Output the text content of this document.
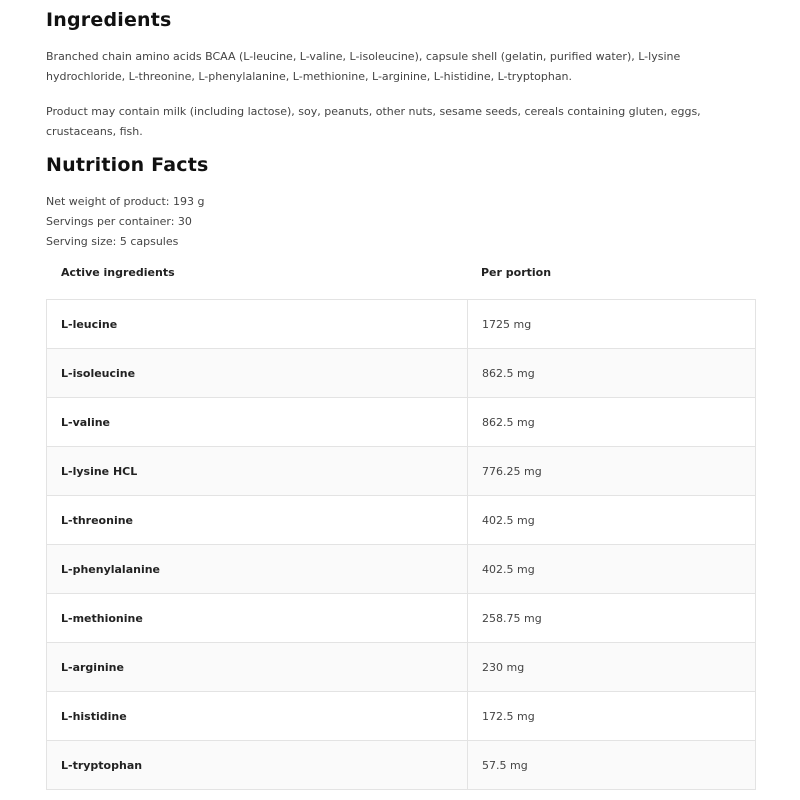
Ingredients

Branched chain amino acids BCAA (L-leucine, L-valine, L-isoleucine), capsule shell (gelatin, purified water), L-lysine hydrochloride, L-threonine, L-phenylalanine, L-methionine, L-arginine, L-histidine, L-tryptophan.

Product may contain milk (including lactose), soy, peanuts, other nuts, sesame seeds, cereals containing gluten, eggs, crustaceans, fish.

Nutrition Facts
Net weight of product: 193 g
Servings per container: 30
Serving size: 5 capsules
Active ingredients	Per portion
L-leucine	1725 mg
L-isoleucine	862.5 mg
L-valine	862.5 mg
L-lysine HCL	776.25 mg
L-threonine	402.5 mg
L-phenylalanine	402.5 mg
L-methionine	258.75 mg
L-arginine	230 mg
L-histidine	172.5 mg
L-tryptophan	57.5 mg
